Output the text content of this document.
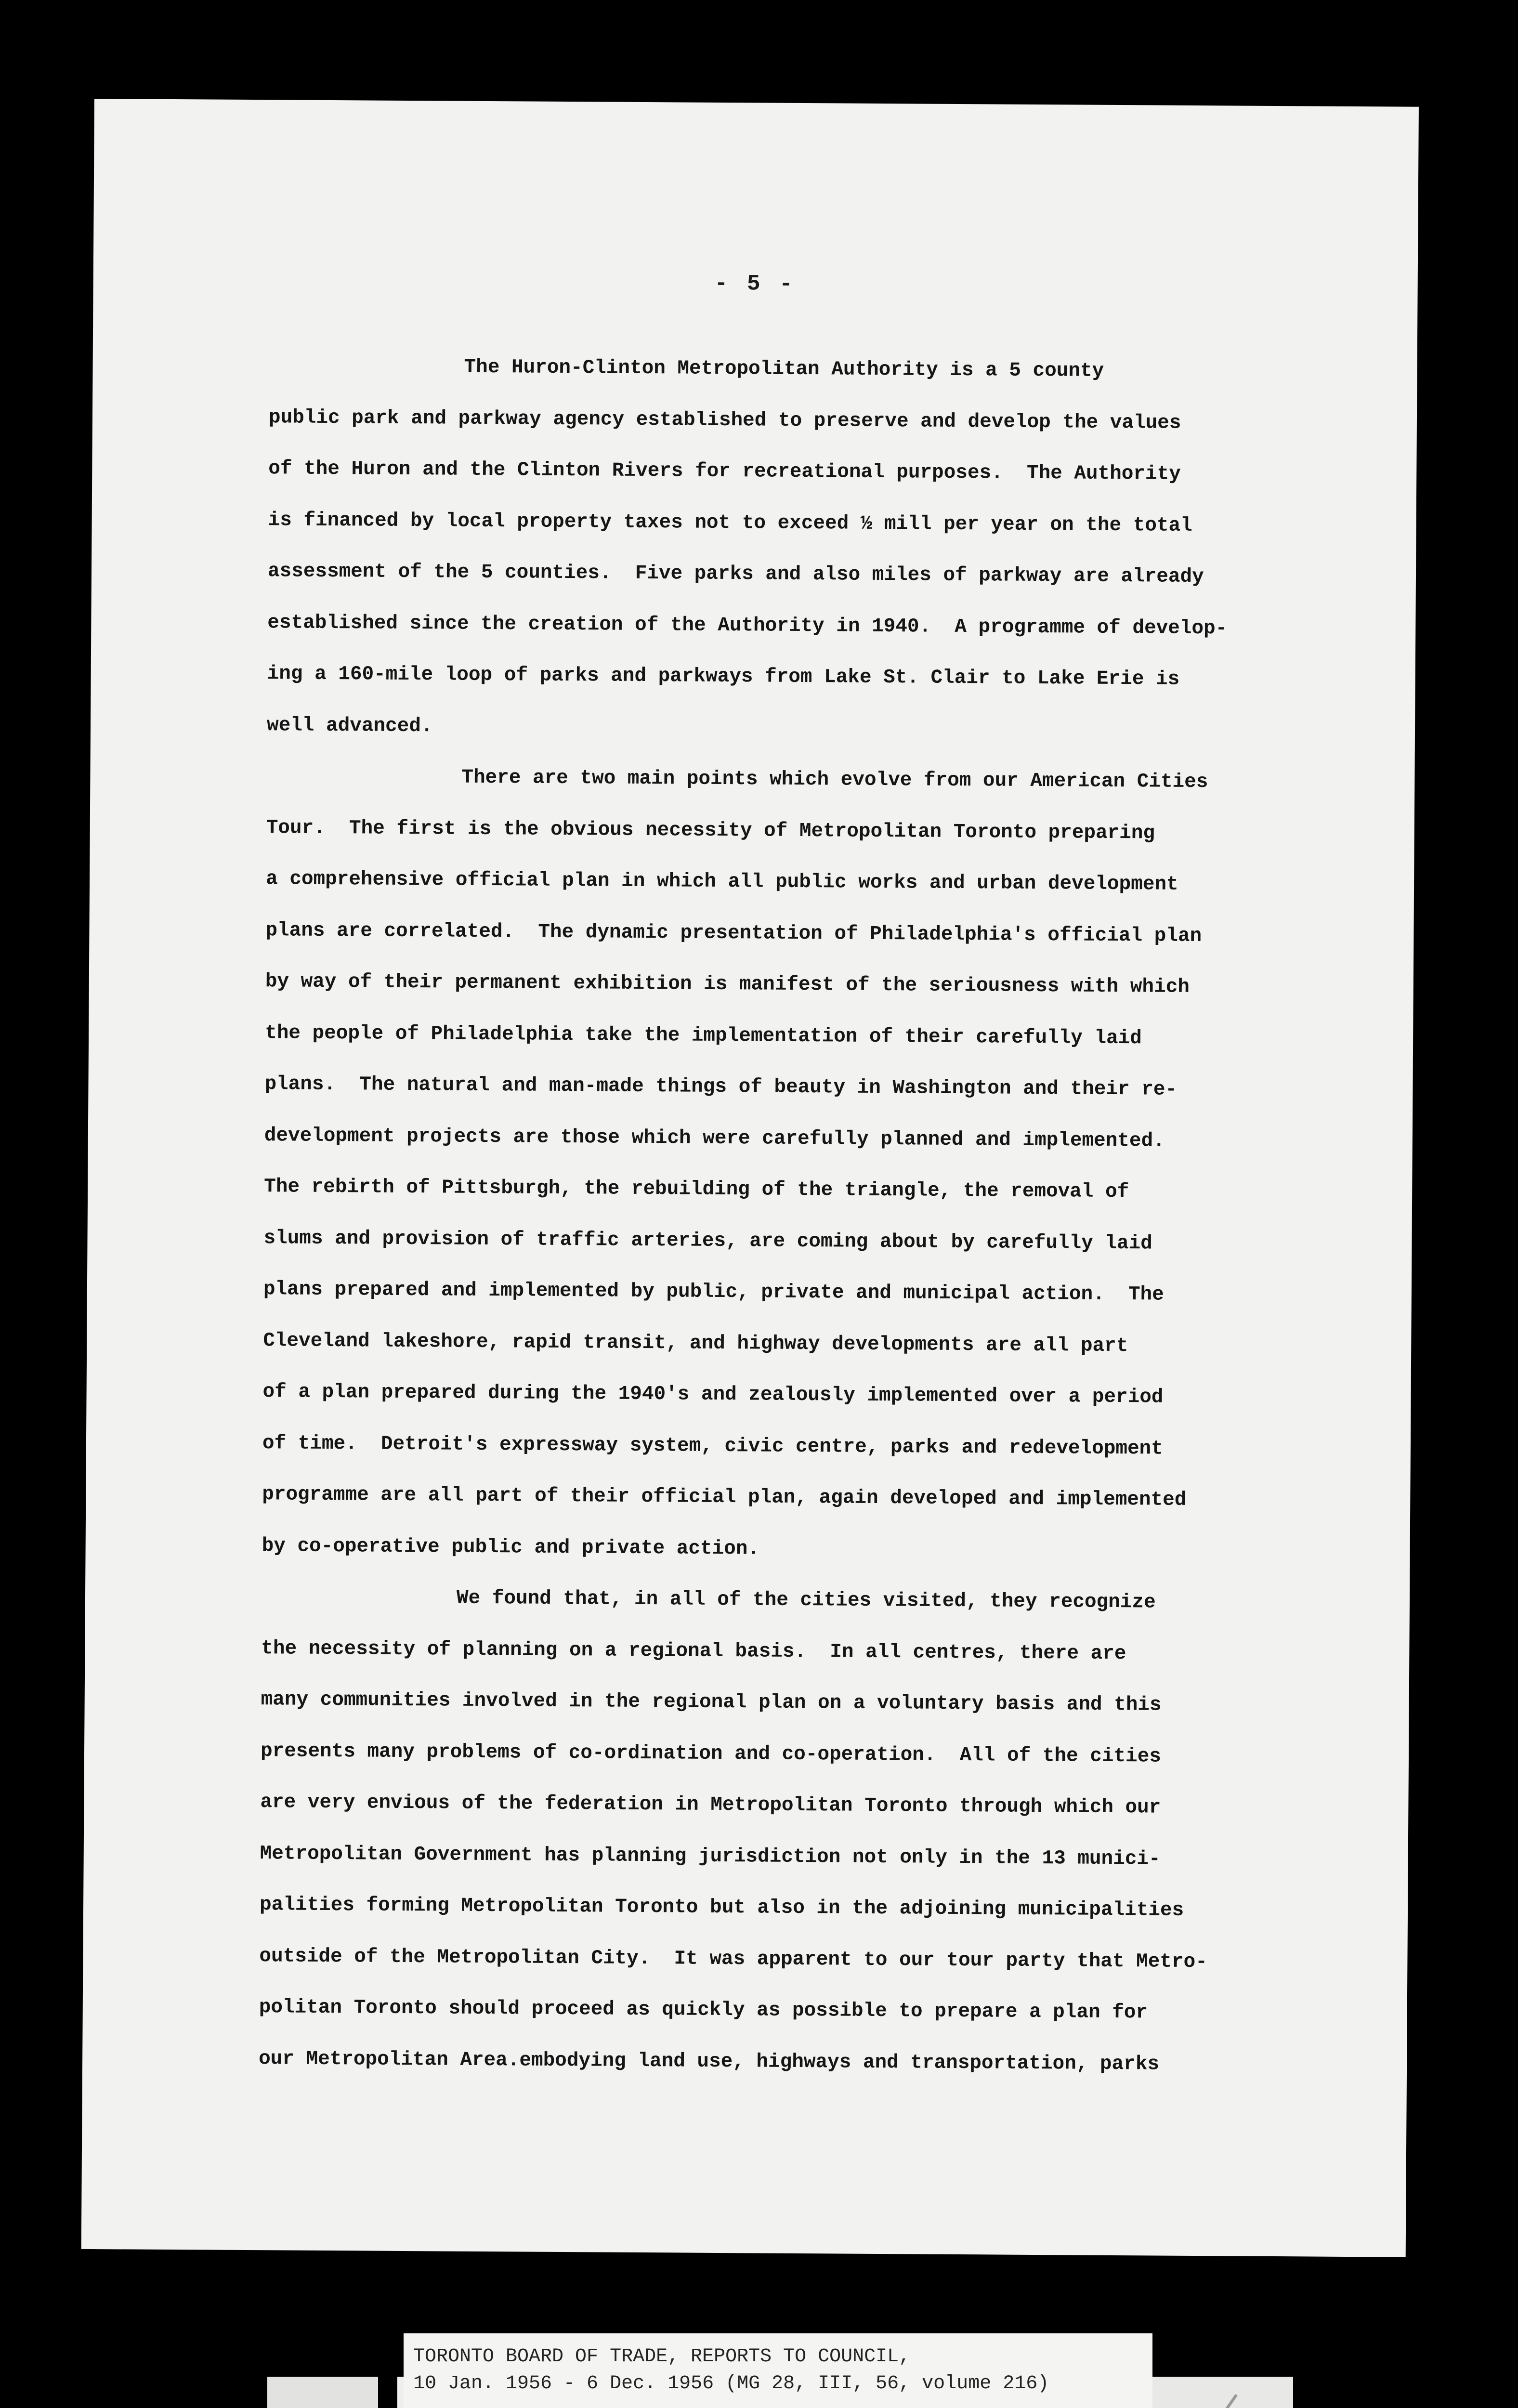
- 5 -
The Huron-Clinton Metropolitan Authority is a 5 county
public park and parkway agency established to preserve and develop the values
of the Huron and the Clinton Rivers for recreational purposes.  The Authority
is financed by local property taxes not to exceed ½ mill per year on the total
assessment of the 5 counties.  Five parks and also miles of parkway are already
established since the creation of the Authority in 1940.  A programme of develop-
ing a 160-mile loop of parks and parkways from Lake St. Clair to Lake Erie is
well advanced.
There are two main points which evolve from our American Cities
Tour.  The first is the obvious necessity of Metropolitan Toronto preparing
a comprehensive official plan in which all public works and urban development
plans are correlated.  The dynamic presentation of Philadelphia's official plan
by way of their permanent exhibition is manifest of the seriousness with which
the people of Philadelphia take the implementation of their carefully laid
plans.  The natural and man-made things of beauty in Washington and their re-
development projects are those which were carefully planned and implemented.
The rebirth of Pittsburgh, the rebuilding of the triangle, the removal of
slums and provision of traffic arteries, are coming about by carefully laid
plans prepared and implemented by public, private and municipal action.  The
Cleveland lakeshore, rapid transit, and highway developments are all part
of a plan prepared during the 1940's and zealously implemented over a period
of time.  Detroit's expressway system, civic centre, parks and redevelopment
programme are all part of their official plan, again developed and implemented
by co-operative public and private action.
We found that, in all of the cities visited, they recognize
the necessity of planning on a regional basis.  In all centres, there are
many communities involved in the regional plan on a voluntary basis and this
presents many problems of co-ordination and co-operation.  All of the cities
are very envious of the federation in Metropolitan Toronto through which our
Metropolitan Government has planning jurisdiction not only in the 13 munici-
palities forming Metropolitan Toronto but also in the adjoining municipalities
outside of the Metropolitan City.  It was apparent to our tour party that Metro-
politan Toronto should proceed as quickly as possible to prepare a plan for
our Metropolitan Area.embodying land use, highways and transportation, parks
TORONTO BOARD OF TRADE, REPORTS TO COUNCIL,
10 Jan. 1956 - 6 Dec. 1956 (MG 28, III, 56, volume 216)
